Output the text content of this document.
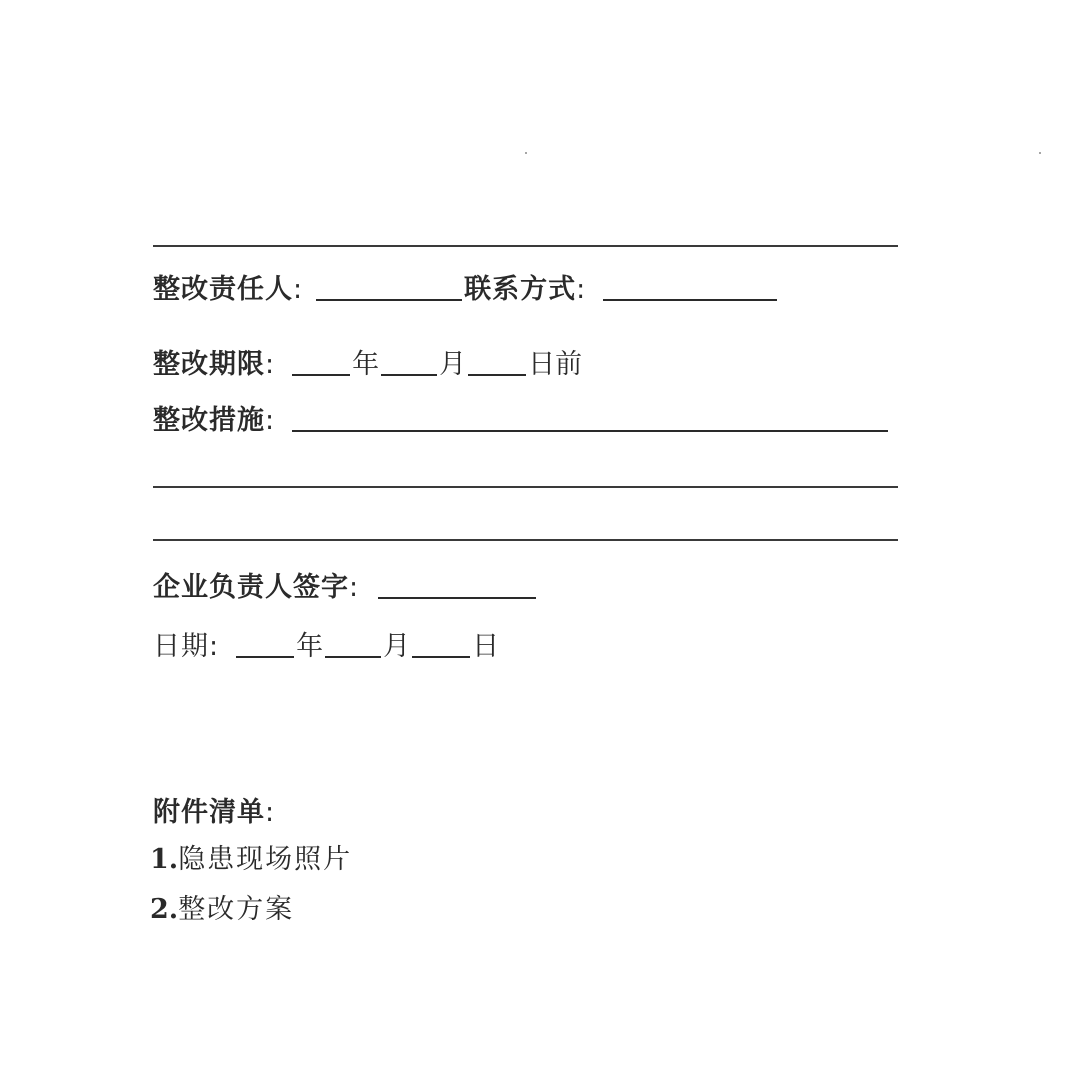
整改责任人 :	联系方式 :
整改期限 :	年 月 日前
整改措施 :
企业负责人签字 :
日期 :	年 月 日
附件清单 :
1.隐患现场照片
2.整改方案
